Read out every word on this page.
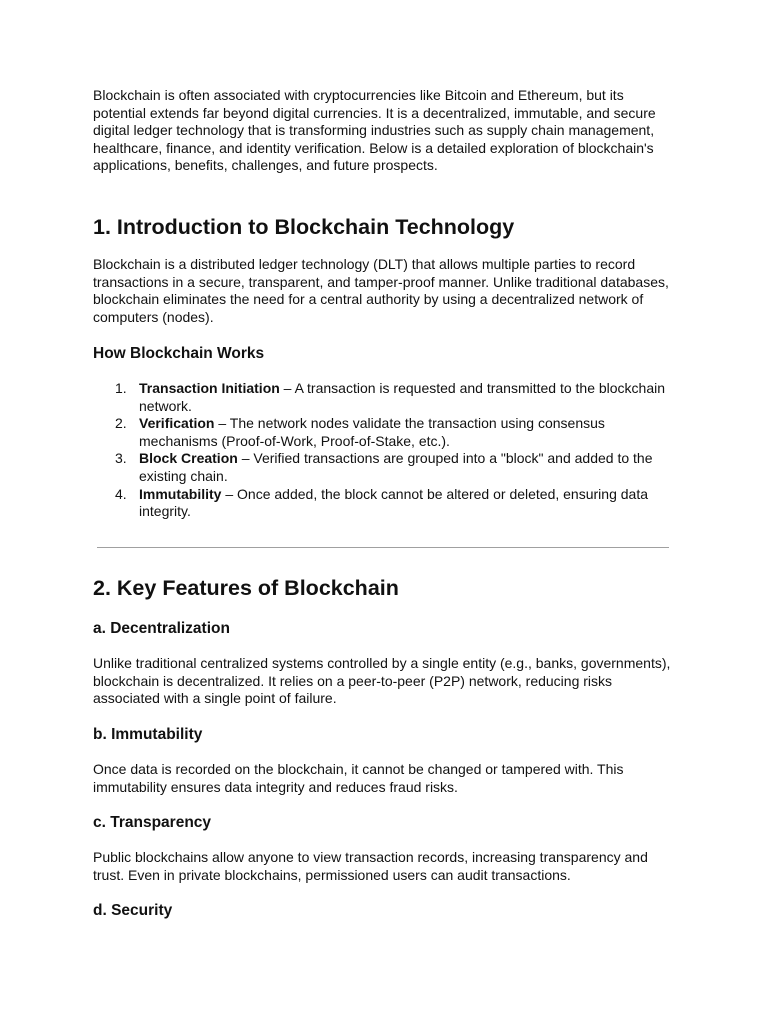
Blockchain is often associated with cryptocurrencies like Bitcoin and Ethereum, but its potential extends far beyond digital currencies. It is a decentralized, immutable, and secure digital ledger technology that is transforming industries such as supply chain management, healthcare, finance, and identity verification. Below is a detailed exploration of blockchain's applications, benefits, challenges, and future prospects.

1. Introduction to Blockchain Technology

Blockchain is a distributed ledger technology (DLT) that allows multiple parties to record transactions in a secure, transparent, and tamper-proof manner. Unlike traditional databases, blockchain eliminates the need for a central authority by using a decentralized network of computers (nodes).

How Blockchain Works
1. Transaction Initiation – A transaction is requested and transmitted to the blockchain network.
2. Verification – The network nodes validate the transaction using consensus mechanisms (Proof-of-Work, Proof-of-Stake, etc.).
3. Block Creation – Verified transactions are grouped into a "block" and added to the existing chain.
4. Immutability – Once added, the block cannot be altered or deleted, ensuring data integrity.
2. Key Features of Blockchain
a. Decentralization

Unlike traditional centralized systems controlled by a single entity (e.g., banks, governments), blockchain is decentralized. It relies on a peer-to-peer (P2P) network, reducing risks associated with a single point of failure.

b. Immutability

Once data is recorded on the blockchain, it cannot be changed or tampered with. This immutability ensures data integrity and reduces fraud risks.

c. Transparency

Public blockchains allow anyone to view transaction records, increasing transparency and trust. Even in private blockchains, permissioned users can audit transactions.

d. Security
